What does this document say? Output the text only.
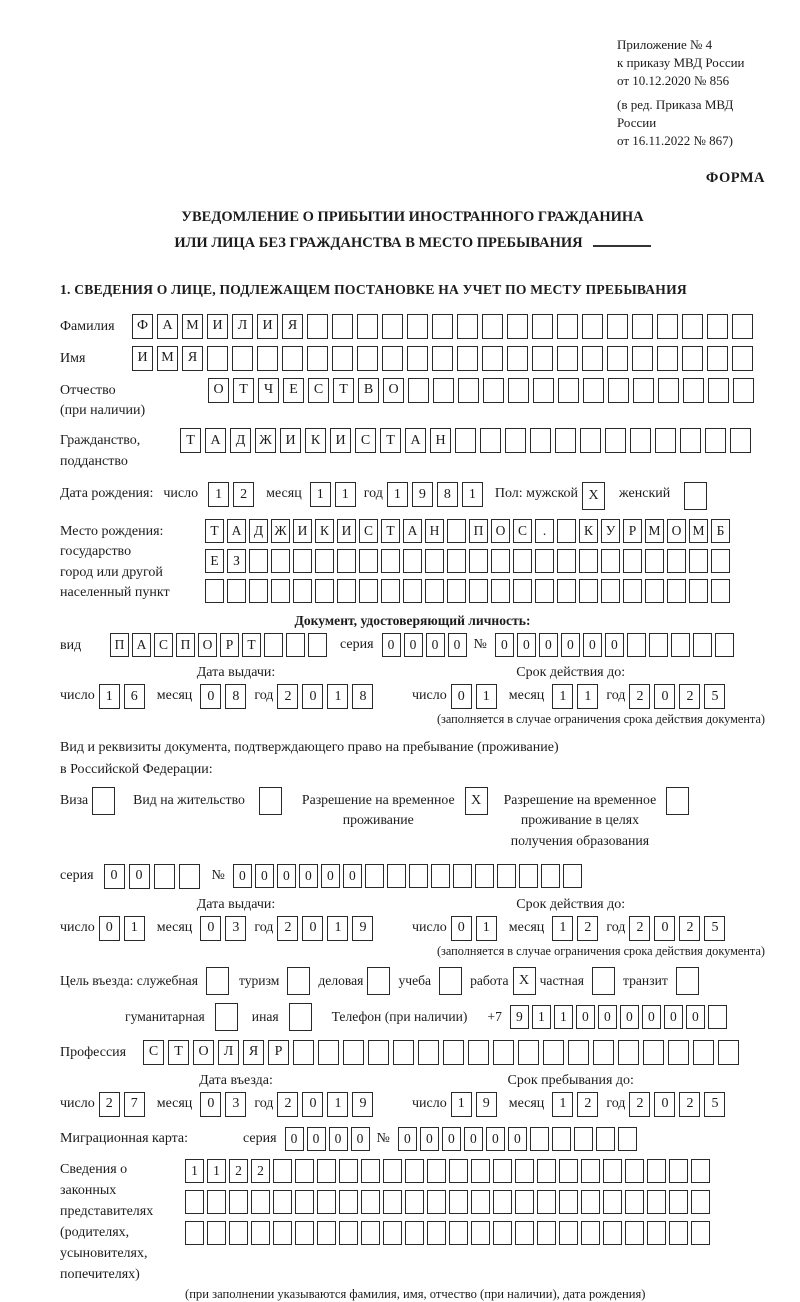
Приложение № 4
к приказу МВД России
от 10.12.2020 № 856
(в ред. Приказа МВД России
от 16.11.2022 № 867)
ФОРМА
УВЕДОМЛЕНИЕ О ПРИБЫТИИ ИНОСТРАННОГО ГРАЖДАНИНА
ИЛИ ЛИЦА БЕЗ ГРАЖДАНСТВА В МЕСТО ПРЕБЫВАНИЯ
1. СВЕДЕНИЯ О ЛИЦЕ, ПОДЛЕЖАЩЕМ ПОСТАНОВКЕ НА УЧЕТ ПО МЕСТУ ПРЕБЫВАНИЯ
Фамилия	Ф	А М И	Л	И	Я
Имя	И М	Я
Отчество
(при наличии)
О	Т	Ч	Е	С	Т	В	О
Гражданство,
подданство
Т	А	Д Ж И	К	И	С	Т	А	Н
Дата рождения: число	1	2	месяц	1	1	год 1	9	8	1	Пол: мужской X женский
Место рождения:
государство
город или другой
населенный пункт
Т А Д Ж И К И С Т А Н	П О С	.	К У Р М О М Б
Е	З
Документ, удостоверяющий личность:
вид	П А С П О Р	Т	серия	0	0	0	0 №	0	0	0	0	0	0
Дата выдачи:
число 1	6	месяц	0	8	год 2	0	1	8
Срок действия до:
число 0	1	месяц	1	1	год 2	0	2	5
(заполняется в случае ограничения срока действия документа)
Вид и реквизиты документа, подтверждающего право на пребывание (проживание)
в Российской Федерации:
Виза	Вид на жительство	Разрешение на временное
проживание
X Разрешение на временное
проживание в целях
получения образования
серия	0	0	№	0	0	0	0	0	0
Дата выдачи:
число 0	1	месяц	0	3	год 2	0	1	9
Срок действия до:
число 0	1	месяц	1	2	год 2	0	2	5
(заполняется в случае ограничения срока действия документа)
Цель въезда: служебная	туризм	деловая	учеба	работа X частная	транзит
гуманитарная	иная	Телефон (при наличии) +7	9	1	1	0	0	0	0	0	0
Профессия	С	Т	О	Л	Я	Р
Дата въезда:
число 2	7	месяц	0	3	год 2	0	1	9
Срок пребывания до:
число 1	9	месяц	1	2	год 2	0	2	5
Миграционная карта:	серия	0	0	0	0 №	0	0	0	0	0	0
Сведения о
законных
представителях
(родителях,
усыновителях,
попечителях)
1	1	2	2
(при заполнении указываются фамилия, имя, отчество (при наличии), дата рождения)
